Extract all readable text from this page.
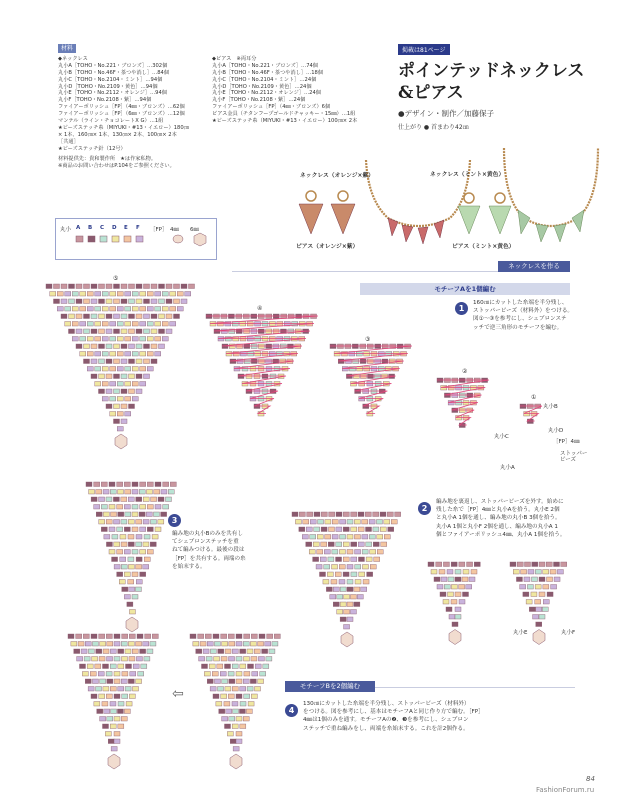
材料
◆ネックレス
丸小A［TOHO・No.221・ブロンズ］…302個
丸小B［TOHO・No.46F・茶つや消し］…84個
丸小C［TOHO・No.2104・ミント］…94個
丸小D［TOHO・No.2109・黄色］…94個
丸小E［TOHO・No.2112・オレンジ］…94個
丸小F［TOHO・No.2108・紫］…94個
ファイアーポリッシュ［FP］（4㎜・ブロンズ）…62個
ファイアーポリッシュ［FP］（6㎜・ブロンズ）…12個
マンテル（ライン・チョコレートX G）…1組
★ビーズステッチ糸（MIYUKI・#13・イエロー）180㎝
× 1本、160㎝× 1本、130㎝× 2本、100㎝× 2本
［共通］
★ビーズステッチ針（12号）
材料提供先：貴和製作所　★は作家私物。
※商品のお問い合わせはP.104をご参照ください。
◆ピアス　※両耳分
丸小A［TOHO・No.221・ブロンズ］…74個
丸小B［TOHO・No.46F・茶つや消し］…18個
丸小C［TOHO・No.2104・ミント］…24個
丸小D［TOHO・No.2109・黄色］…24個
丸小E［TOHO・No.2112・オレンジ］…24個
丸小F［TOHO・No.2108・紫］…24個
ファイアーポリッシュ［FP］（4㎜・ブロンズ）6個
ピアス金具（チタンフープゴールドチャッキー・15㎜）…1組
★ビーズステッチ糸（MIYUKI・#13・イエロー）100㎝× 2本
掲載は81ページ
ポインテッドネックレス
&ピアス
●デザイン・制作／加藤保子
仕上がり ● 首まわり42㎝
ネックレス（オレンジ×紫）	ネックレス（ミント×黄色）
ピアス（オレンジ×紫）	ピアス（ミント×黄色）
丸小 A B C D E F ［FP］ 4㎜ 6㎜
ネックレスを作る
モチーフAを1個編む
モチーフBを2個編む
1
160㎝にカットした糸端を半分残し、
ストッパービーズ（材料外）をつける。
図①〜③を参考にし、シェブロンステ
ッチで逆三角形のモチーフを編む。
2
編み地を裏返し、ストッパービーズを外す。始めに
残した糸で［FP］4㎜と丸小Aを拾う。丸小E 2個
と丸小A 1個を通し、編み地の丸小B 3個を拾う。
丸小A 1個と丸小F 2個を通し、編み地の丸小A 1
個とファイアーポリッシュ4㎜、丸小A 1個を拾う。
3
編み地の丸小Bのみを共有し
てシェブロンステッチを重
ねて編みつける。最後の段は
［FP］を共有する。両端の糸
を始末する。
4
130㎝にカットした糸端を半分残し、ストッパービーズ（材料外）
をつける。図を参考にし、基本はモチーフAと同じ作り方で編む。［FP］
4㎜は1個のみを通す。モチーフAの❷、❸を参考にし、シェブロン
ステッチで重ね編みをし、両端を糸始末する。これを計2個作る。
⑤
④
③
②
①
丸小B
丸小D
丸小C
［FP］4㎜
ストッパー
ビーズ
丸小A
丸小E	丸小F
⇦
84
FashionForum.ru
